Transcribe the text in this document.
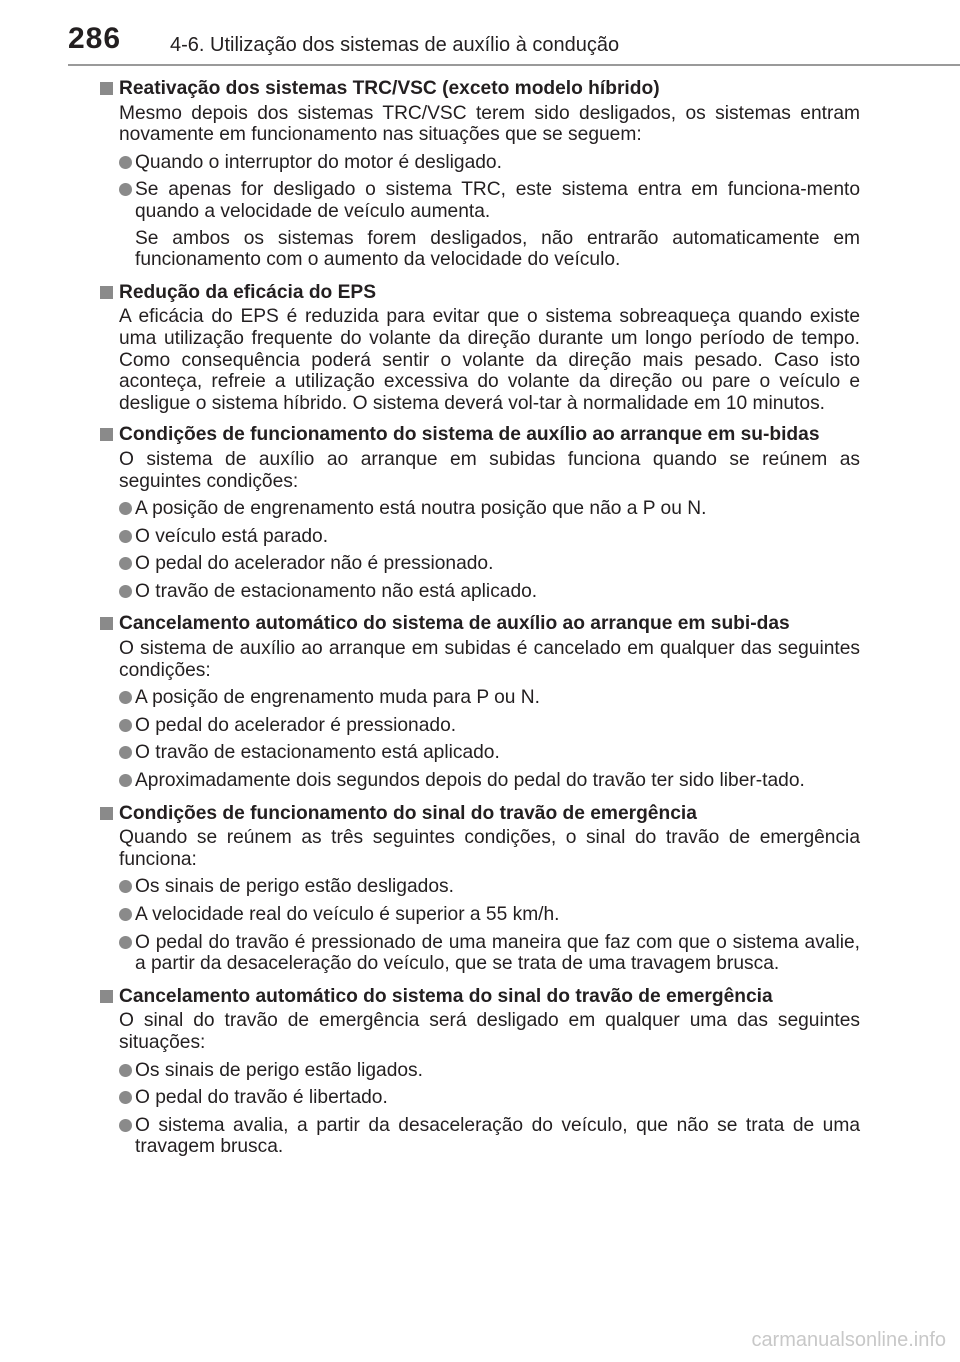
286 4-6. Utilização dos sistemas de auxílio à condução
Reativação dos sistemas TRC/VSC (exceto modelo híbrido)
Mesmo depois dos sistemas TRC/VSC terem sido desligados, os sistemas entram novamente em funcionamento nas situações que se seguem:
Quando o interruptor do motor é desligado.
Se apenas for desligado o sistema TRC, este sistema entra em funciona-mento quando a velocidade de veículo aumenta.
Se ambos os sistemas forem desligados, não entrarão automaticamente em funcionamento com o aumento da velocidade do veículo.
Redução da eficácia do EPS
A eficácia do EPS é reduzida para evitar que o sistema sobreaqueça quando existe uma utilização frequente do volante da direção durante um longo período de tempo. Como consequência poderá sentir o volante da direção mais pesado. Caso isto aconteça, refreie a utilização excessiva do volante da direção ou pare o veículo e desligue o sistema híbrido. O sistema deverá vol-tar à normalidade em 10 minutos.
Condições de funcionamento do sistema de auxílio ao arranque em su-bidas
O sistema de auxílio ao arranque em subidas funciona quando se reúnem as seguintes condições:
A posição de engrenamento está noutra posição que não a P ou N.
O veículo está parado.
O pedal do acelerador não é pressionado.
O travão de estacionamento não está aplicado.
Cancelamento automático do sistema de auxílio ao arranque em subi-das
O sistema de auxílio ao arranque em subidas é cancelado em qualquer das seguintes condições:
A posição de engrenamento muda para P ou N.
O pedal do acelerador é pressionado.
O travão de estacionamento está aplicado.
Aproximadamente dois segundos depois do pedal do travão ter sido liber-tado.
Condições de funcionamento do sinal do travão de emergência
Quando se reúnem as três seguintes condições, o sinal do travão de emergência funciona:
Os sinais de perigo estão desligados.
A velocidade real do veículo é superior a 55 km/h.
O pedal do travão é pressionado de uma maneira que faz com que o sistema avalie, a partir da desaceleração do veículo, que se trata de uma travagem brusca.
Cancelamento automático do sistema do sinal do travão de emergência
O sinal do travão de emergência será desligado em qualquer uma das seguintes situações:
Os sinais de perigo estão ligados.
O pedal do travão é libertado.
O sistema avalia, a partir da desaceleração do veículo, que não se trata de uma travagem brusca.
carmanualsonline.info
